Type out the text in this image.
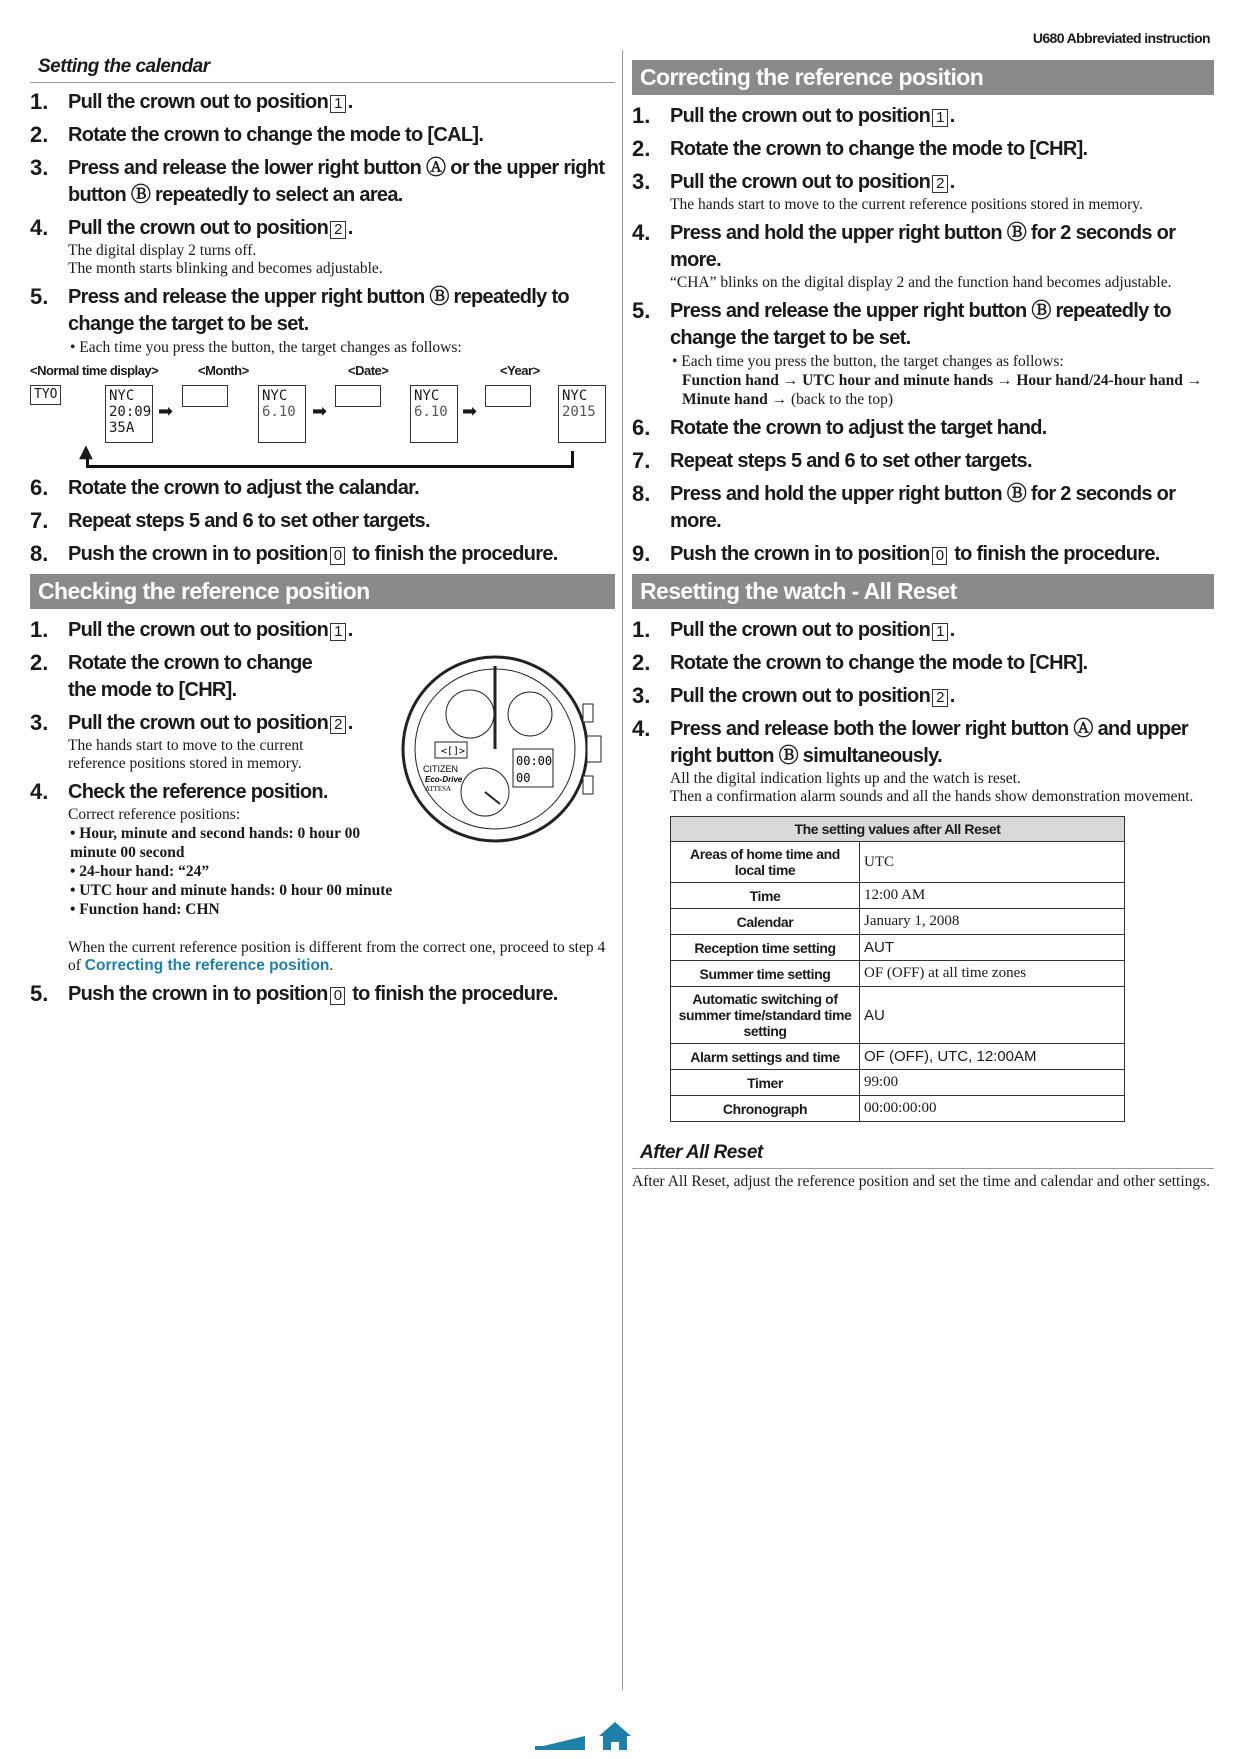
U680 Abbreviated instruction
Setting the calendar
1. Pull the crown out to position 1 .
2. Rotate the crown to change the mode to [CAL].
3. Press and release the lower right button Ⓐ or the upper right button Ⓑ repeatedly to select an area.
4. Pull the crown out to position 2 .
The digital display 2 turns off.
The month starts blinking and becomes adjustable.
5. Press and release the upper right button Ⓑ repeatedly to change the target to be set.
• Each time you press the button, the target changes as follows:
<Normal time display>	<Month>	<Date>	<Year>
TYO	NYC
20:09
35A
➡
NYC
6.10 ➡
NYC
6.10 ➡
NYC
2015
▲
6. Rotate the crown to adjust the calandar.
7. Repeat steps 5 and 6 to set other targets.
8. Push the crown in to position 0 to finish the procedure.
Checking the reference position
<[]>
00:00
00
CITIZEN
Eco-Drive
ATTESA
1. Pull the crown out to position 1 .
2. Rotate the crown to change the mode to [CHR].
3. Pull the crown out to position 2 .
The hands start to move to the current
reference positions stored in memory.
4. Check the reference position.
Correct reference positions:
• Hour, minute and second hands: 0 hour 00 minute 00 second
• 24-hour hand: “24”
• UTC hour and minute hands: 0 hour 00 minute
• Function hand: CHN
When the current reference position is different from the correct one, proceed to step 4 of Correcting the reference position.
5. Push the crown in to position 0 to finish the procedure.
Correcting the reference position
1. Pull the crown out to position 1 .
2. Rotate the crown to change the mode to [CHR].
3. Pull the crown out to position 2 .
The hands start to move to the current reference positions stored in memory.
4. Press and hold the upper right button Ⓑ for 2 seconds or more.
“CHA” blinks on the digital display 2 and the function hand becomes adjustable.
5. Press and release the upper right button Ⓑ repeatedly to change the target to be set.
• Each time you press the button, the target changes as follows:
Function hand → UTC hour and minute hands → Hour hand/24-hour hand → Minute hand → (back to the top)
6. Rotate the crown to adjust the target hand.
7. Repeat steps 5 and 6 to set other targets.
8. Press and hold the upper right button Ⓑ for 2 seconds or more.
9. Push the crown in to position 0 to finish the procedure.
Resetting the watch - All Reset
1. Pull the crown out to position 1 .
2. Rotate the crown to change the mode to [CHR].
3. Pull the crown out to position 2 .
4. Press and release both the lower right button Ⓐ and upper right button Ⓑ simultaneously.
All the digital indication lights up and the watch is reset.
Then a confirmation alarm sounds and all the hands show demonstration movement.
The setting values after All Reset	
Areas of home time and local time	UTC
Time	12:00 AM
Calendar	January 1, 2008
Reception time setting	AUT
Summer time setting	OF (OFF) at all time zones
Automatic switching of summer time/standard time setting	AU
Alarm settings and time	OF (OFF), UTC, 12:00AM
Timer	99:00
Chronograph	00:00:00:00
After All Reset
After All Reset, adjust the reference position and set the time and calendar and other settings.
